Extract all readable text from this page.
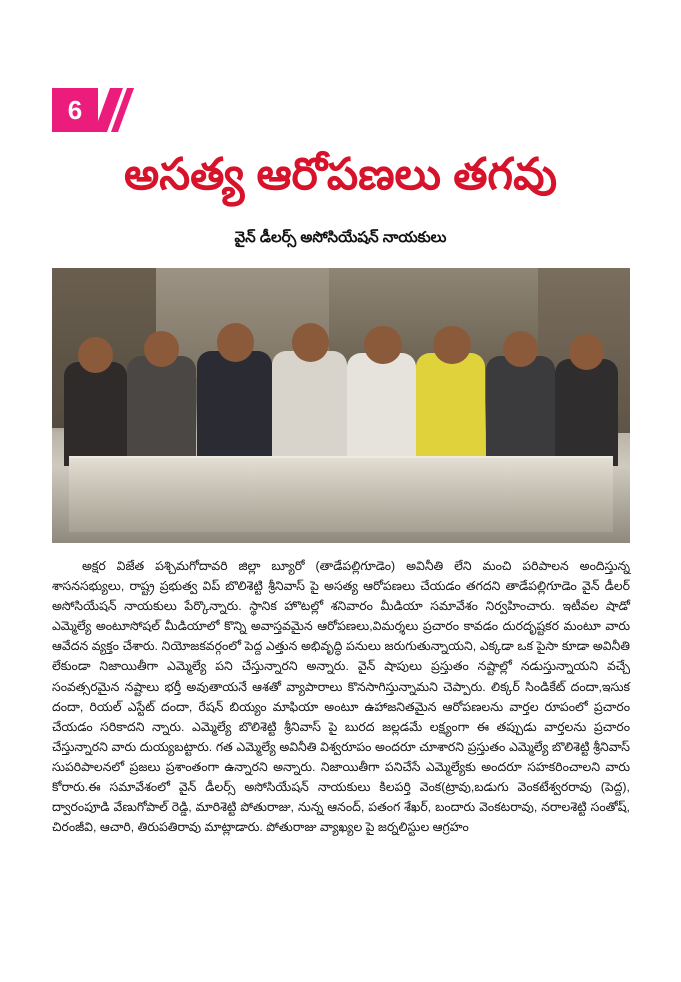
6
అసత్య ఆరోపణలు తగవు
వైన్ డీలర్స్ అసోసియేషన్ నాయకులు

అక్షర విజేత పశ్చిమగోదావరి జిల్లా బ్యూరో (తాడేపల్లిగూడెం) అవినీతి లేని మంచి పరిపాలన అందిస్తున్న శాసనసభ్యులు, రాష్ట్ర ప్రభుత్వ విప్ బొలిశెట్టి శ్రీనివాస్ పై అసత్య ఆరోపణలు చేయడం తగదని తాడేపల్లిగూడెం వైన్ డీలర్ అసోసియేషన్ నాయకులు పేర్కొన్నారు. స్థానిక హొటల్లో శనివారం మీడియా సమావేశం నిర్వహించారు. ఇటీవల షాడో ఎమ్మెల్యే అంటూసోషల్ మీడియాలో కొన్ని అవాస్తవమైన ఆరోపణలు,విమర్శలు ప్రచారం కావడం దురదృష్టకర మంటూ వారు ఆవేదన వ్యక్తం చేశారు. నియోజకవర్గంలో పెద్ద ఎత్తున అభివృద్ధి పనులు జరుగుతున్నాయని, ఎక్కడా ఒక పైసా కూడా అవినీతి లేకుండా నిజాయితీగా ఎమ్మెల్యే పని చేస్తున్నారని అన్నారు. వైన్ షాపులు ప్రస్తుతం నష్టాల్లో నడుస్తున్నాయని వచ్చే సంవత్సరమైన నష్టాలు భర్తీ అవుతాయనే ఆశతో వ్యాపారాలు కొనసాగిస్తున్నామని చెప్పారు. లిక్కర్ సిండికేట్ దందా,ఇసుక దందా, రియల్ ఎస్టేట్ దందా, రేషన్ బియ్యం మాఫియా అంటూ ఉహాజనితమైన ఆరోపణలను వార్తల రూపంలో ప్రచారం చేయడం సరికాదని న్నారు. ఎమ్మెల్యే బొలిశెట్టి శ్రీనివాస్ పై బురద జల్లడమే లక్ష్యంగా ఈ తప్పుడు వార్తలను ప్రచారం చేస్తున్నారని వారు దుయ్యబట్టారు. గత ఎమ్మెల్యే అవినీతి విశ్వరూపం అందరూ చూశారని ప్రస్తుతం ఎమ్మెల్యే బొలిశెట్టి శ్రీనివాస్ సుపరిపాలనలో ప్రజలు ప్రశాంతంగా ఉన్నారని అన్నారు. నిజాయితీగా పనిచేసే ఎమ్మెల్యేకు అందరూ సహకరించాలని వారు కోరారు.ఈ సమావేశంలో వైన్ డీలర్స్ అసోసియేషన్ నాయకులు కిలపర్తి వెంక(ట్రావు,బడుగు వెంకటేశ్వరరావు (పెద్ద), ద్వారంపూడి వేణుగోపాల్ రెడ్డి, మారిశెట్టి పోతురాజు, నున్న ఆనంద్, పతంగ శేఖర్, బందారు వెంకటరావు, నరాలశెట్టి సంతోష్, చిరంజీవి, ఆచారి, తిరుపతిరావు మాట్లాడారు. పోతురాజు వ్యాఖ్యల పై జర్నలిస్టుల ఆగ్రహం
